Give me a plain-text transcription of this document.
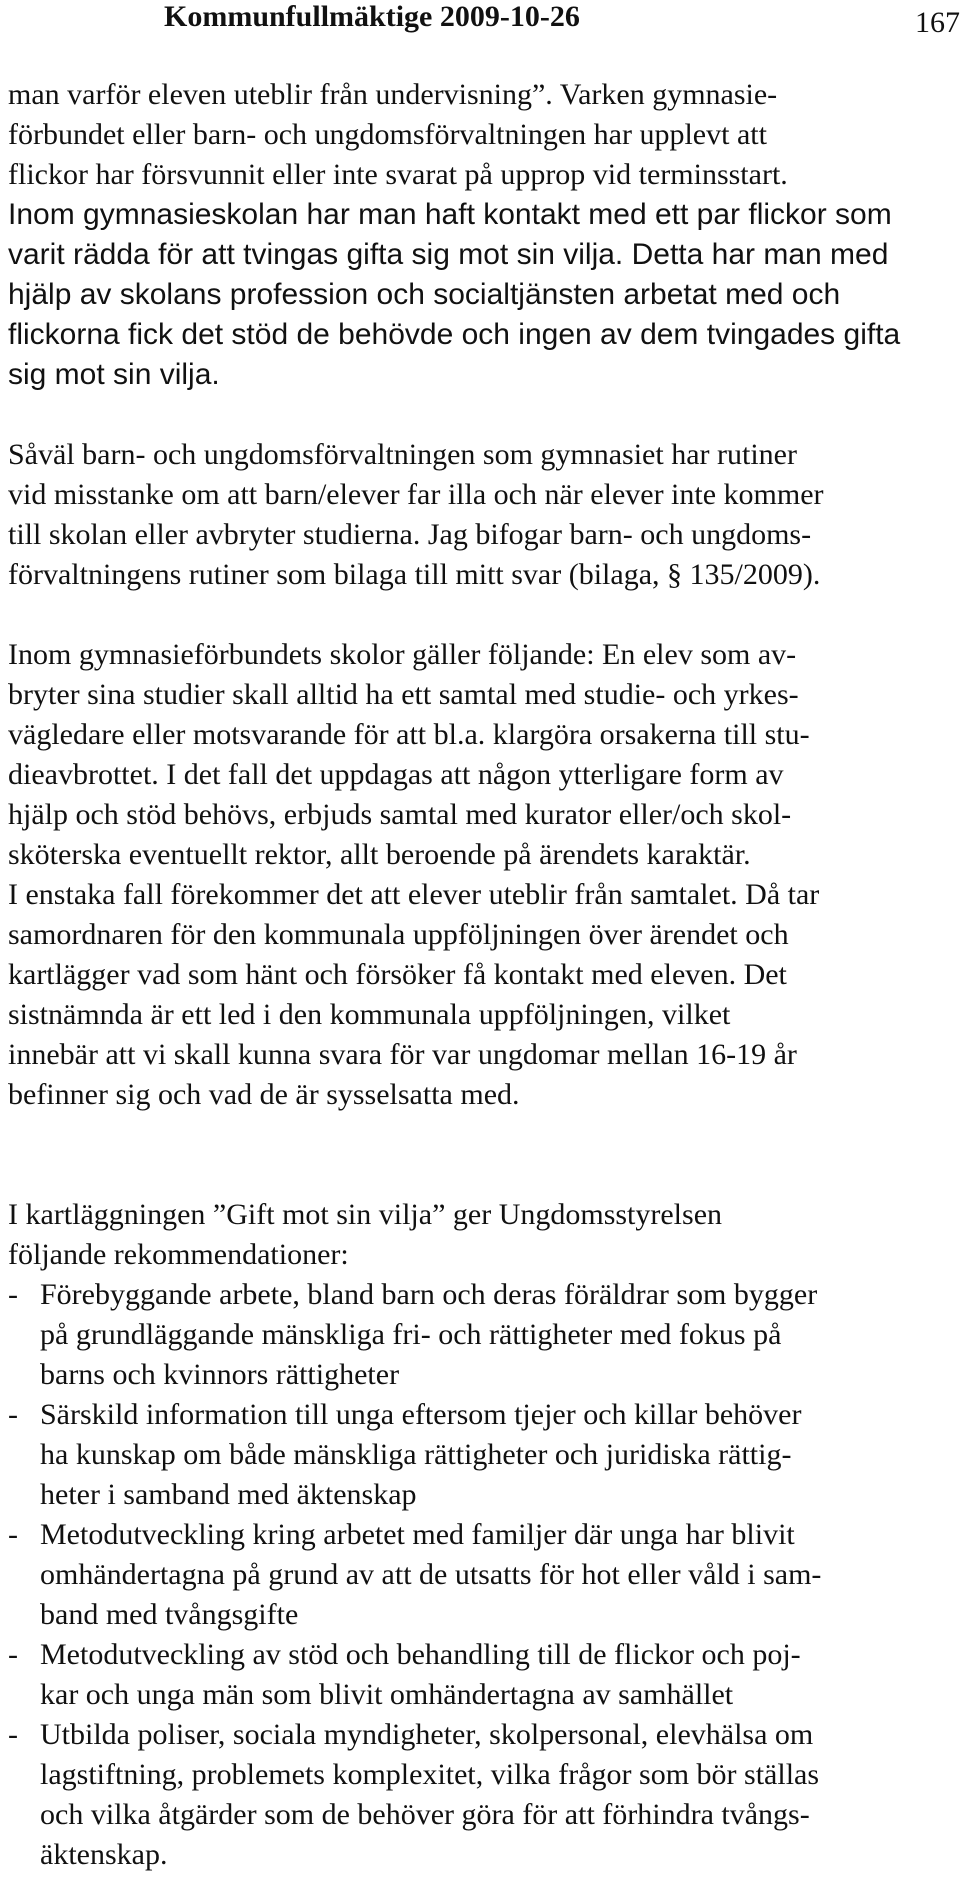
Kommunfullmäktige 2009-10-26	167
man varför eleven uteblir från undervisning”. Varken gymnasie-
förbundet eller barn- och ungdomsförvaltningen har upplevt att
flickor har försvunnit eller inte svarat på upprop vid terminsstart.
Inom gymnasieskolan har man haft kontakt med ett par flickor som
varit rädda för att tvingas gifta sig mot sin vilja. Detta har man med
hjälp av skolans profession och socialtjänsten arbetat med och
flickorna fick det stöd de behövde och ingen av dem tvingades gifta
sig mot sin vilja.
Såväl barn- och ungdomsförvaltningen som gymnasiet har rutiner
vid misstanke om att barn/elever far illa och när elever inte kommer
till skolan eller avbryter studierna. Jag bifogar barn- och ungdoms-
förvaltningens rutiner som bilaga till mitt svar (bilaga, § 135/2009).
Inom gymnasieförbundets skolor gäller följande: En elev som av-
bryter sina studier skall alltid ha ett samtal med studie- och yrkes-
vägledare eller motsvarande för att bl.a. klargöra orsakerna till stu-
dieavbrottet. I det fall det uppdagas att någon ytterligare form av
hjälp och stöd behövs, erbjuds samtal med kurator eller/och skol-
sköterska eventuellt rektor, allt beroende på ärendets karaktär.
I enstaka fall förekommer det att elever uteblir från samtalet. Då tar
samordnaren för den kommunala uppföljningen över ärendet och
kartlägger vad som hänt och försöker få kontakt med eleven. Det
sistnämnda är ett led i den kommunala uppföljningen, vilket
innebär att vi skall kunna svara för var ungdomar mellan 16-19 år
befinner sig och vad de är sysselsatta med.
I kartläggningen ”Gift mot sin vilja” ger Ungdomsstyrelsen
följande rekommendationer:
- Förebyggande arbete, bland barn och deras föräldrar som bygger
på grundläggande mänskliga fri- och rättigheter med fokus på
barns och kvinnors rättigheter
- Särskild information till unga eftersom tjejer och killar behöver
ha kunskap om både mänskliga rättigheter och juridiska rättig-
heter i samband med äktenskap
- Metodutveckling kring arbetet med familjer där unga har blivit
omhändertagna på grund av att de utsatts för hot eller våld i sam-
band med tvångsgifte
- Metodutveckling av stöd och behandling till de flickor och poj-
kar och unga män som blivit omhändertagna av samhället
- Utbilda poliser, sociala myndigheter, skolpersonal, elevhälsa om
lagstiftning, problemets komplexitet, vilka frågor som bör ställas
och vilka åtgärder som de behöver göra för att förhindra tvångs-
äktenskap.
